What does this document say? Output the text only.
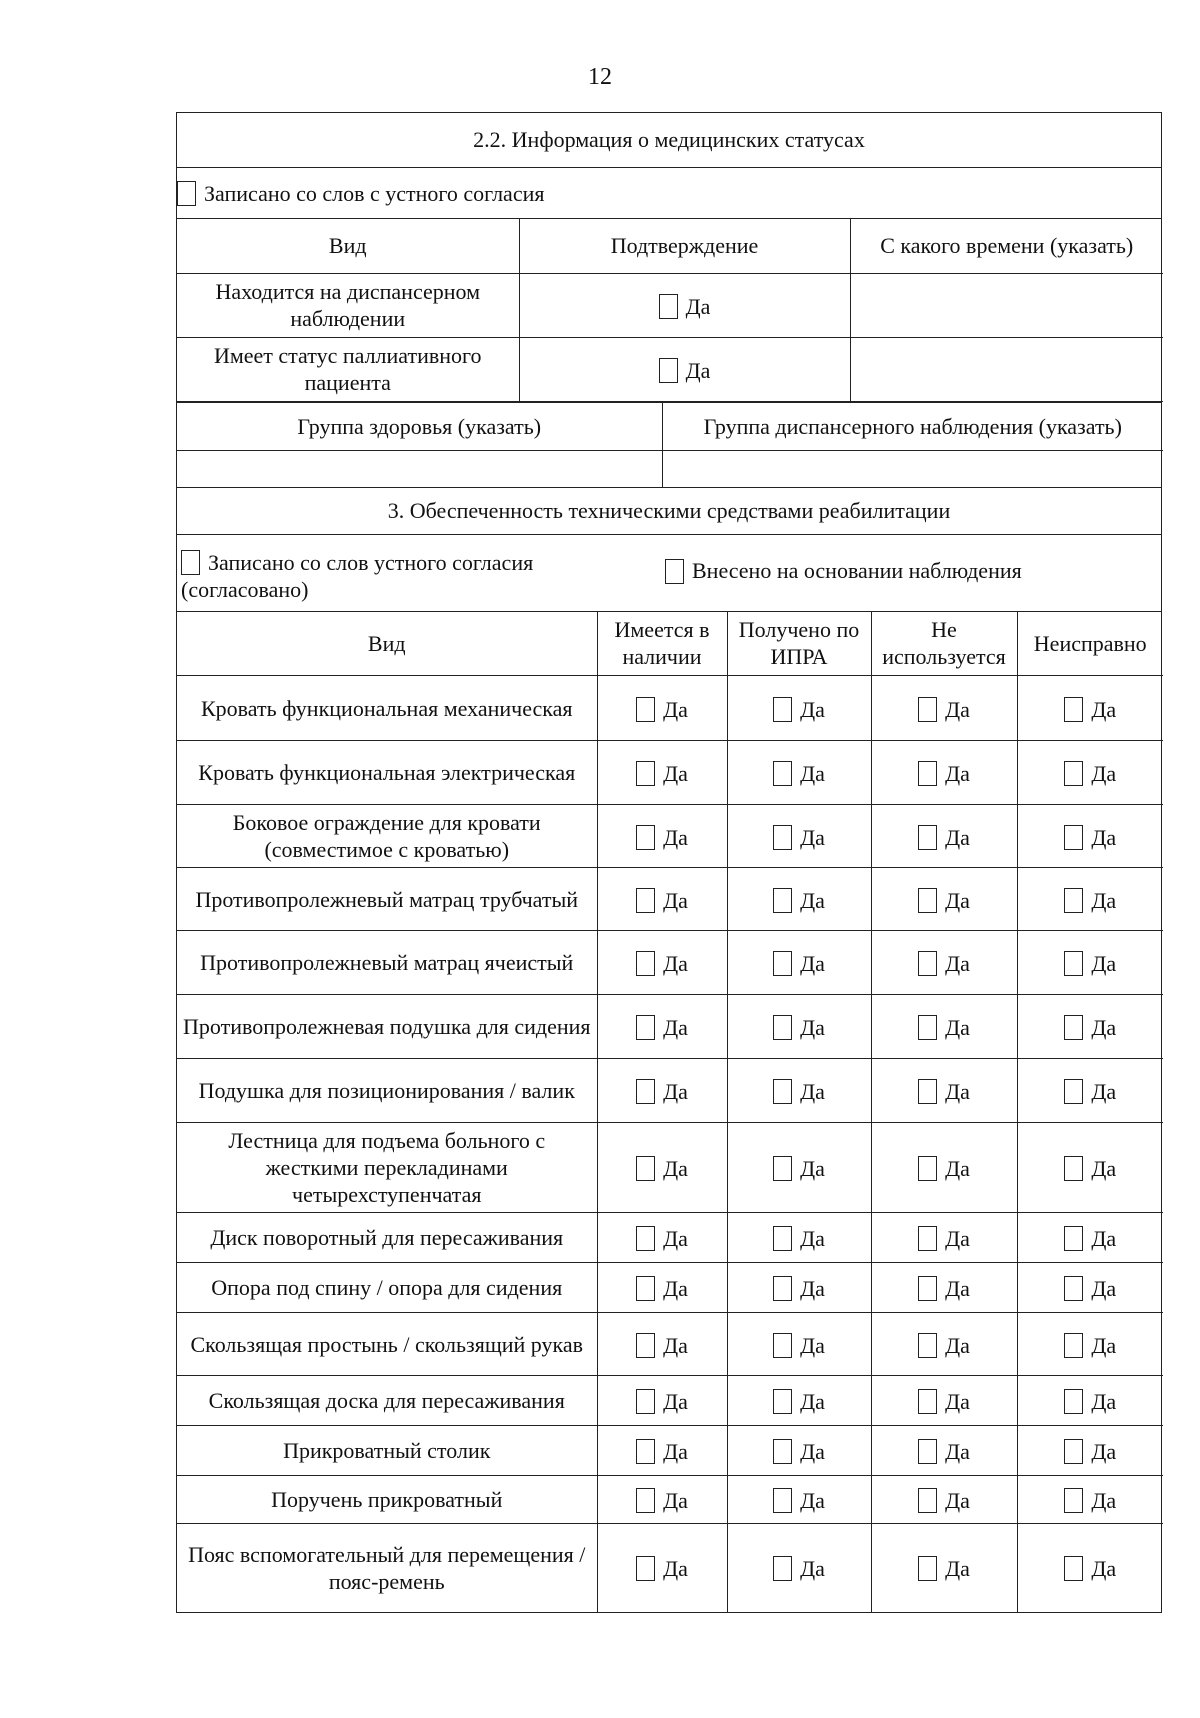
12
2.2. Информация о медицинских статусах
Записано со слов с устного согласия

Вид	Подтверждение	С какого времени (указать)
Находится на диспансерном наблюдении	Да	
Имеет статус паллиативного пациента	Да	

Группа здоровья (указать)	Группа диспансерного наблюдения (указать)

3. Обеспеченность техническими средствами реабилитации

Записано со слов устного согласия
(согласовано)
Внесено на основании наблюдения

Вид	Имеется в наличии	Получено по ИПРА	Не используется	Неисправно
Кровать функциональная механическая	Да	Да	Да	Да
Кровать функциональная электрическая	Да	Да	Да	Да
Боковое ограждение для кровати (совместимое с кроватью)	Да	Да	Да	Да
Противопролежневый матрац трубчатый	Да	Да	Да	Да
Противопролежневый матрац ячеистый	Да	Да	Да	Да
Противопролежневая подушка для сидения	Да	Да	Да	Да
Подушка для позиционирования / валик	Да	Да	Да	Да
Лестница для подъема больного с жесткими перекладинами четырехступенчатая	Да	Да	Да	Да
Диск поворотный для пересаживания	Да	Да	Да	Да
Опора под спину / опора для сидения	Да	Да	Да	Да
Скользящая простынь / скользящий рукав	Да	Да	Да	Да
Скользящая доска для пересаживания	Да	Да	Да	Да
Прикроватный столик	Да	Да	Да	Да
Поручень прикроватный	Да	Да	Да	Да
Пояс вспомогательный для перемещения / пояс-ремень	Да	Да	Да	Да
